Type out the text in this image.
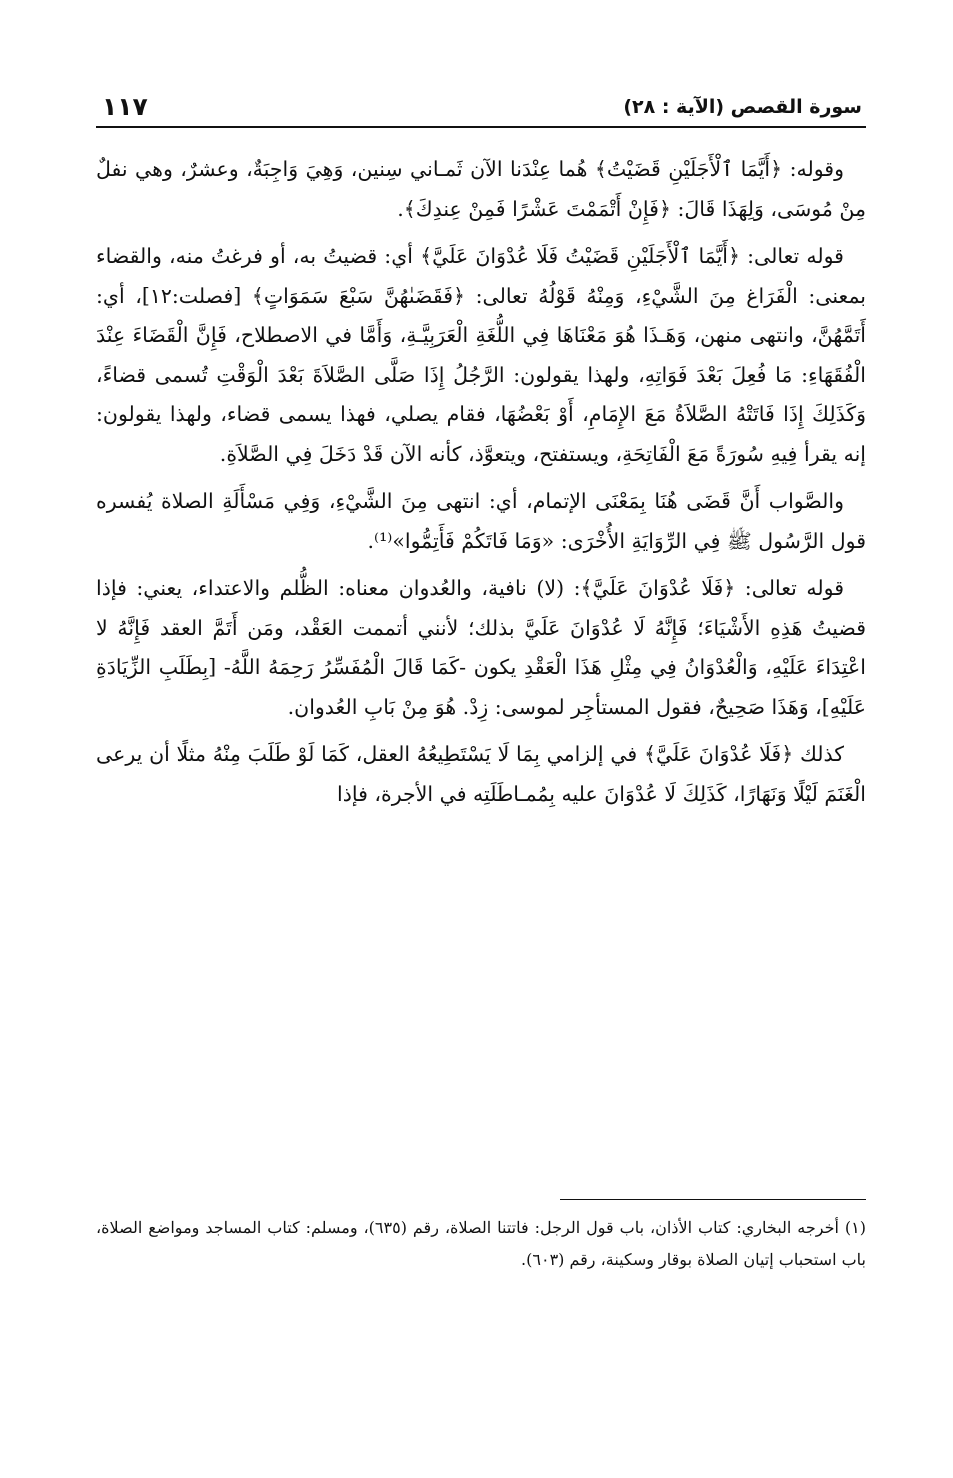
١١٧	سورة القصص (الآية : ٢٨)

وقوله: ﴿أَيَّمَا ٱلْأَجَلَيْنِ قَضَيْتُ﴾ هُما عِنْدَنا الآن ثَمـاني سِنين، وَهِيَ وَاجِبَةٌ، وعشرٌ، وهي نفلٌ مِنْ مُوسَى، وَلِهَذَا قَالَ: ﴿فَإِنْ أَتْمَمْتَ عَشْرًا فَمِنْ عِندِكَ﴾.

قوله تعالى: ﴿أَيَّمَا ٱلْأَجَلَيْنِ قَضَيْتُ فَلَا عُدْوَانَ عَلَيَّ﴾ أي: قضيتُ به، أو فرغتُ منه، والقضاء بمعنى: الْفَرَاغ مِنَ الشَّيْءِ، وَمِنْهُ قَوْلُهُ تعالى: ﴿فَقَضَىٰهُنَّ سَبْعَ سَمَوَاتٍ﴾ [فصلت:١٢]، أي: أَتَمَّهُنَّ، وانتهى منهن، وَهَـذَا هُوَ مَعْنَاهَا فِي اللُّغَةِ الْعَرَبِيَّـةِ، وَأَمَّا في الاصطلاح، فَإِنَّ الْقَضَاءَ عِنْدَ الْفُقَهَاءِ: مَا فُعِلَ بَعْدَ فَوَاتِهِ، ولهذا يقولون: الرَّجُلُ إِذَا صَلَّى الصَّلاَةَ بَعْدَ الْوَقْتِ تُسمى قضاءً، وَكَذَلِكَ إِذَا فَاتَتْهُ الصَّلاَةُ مَعَ الإِمَامِ، أَوْ بَعْضُهَا، فقام يصلي، فهذا يسمى قضاء، ولهذا يقولون: إنه يقرأ فِيهِ سُورَةً مَعَ الْفَاتِحَةِ، ويستفتح، ويتعوَّذ، كأنه الآن قَدْ دَخَلَ فِي الصَّلاَةِ.

والصَّواب أَنَّ قَضَى هُنَا بِمَعْنَى الإتمام، أي: انتهى مِنَ الشَّيْءِ، وَفِي مَسْأَلَةِ الصلاة يُفسره قول الرَّسُول ﷺ فِي الرِّوَايَةِ الأُخْرَى: «وَمَا فَاتَكُمْ فَأَتِمُّوا»⁽¹⁾.

قوله تعالى: ﴿فَلَا عُدْوَانَ عَلَيَّ﴾: (لا) نافية، والعُدوان معناه: الظُّلم والاعتداء، يعني: فإذا قضيتُ هَذِهِ الأَشْيَاءَ؛ فَإِنَّهُ لَا عُدْوَانَ عَلَيَّ بذلك؛ لأنني أتممت العَقْد، ومَن أَتَمَّ العقد فَإِنَّهُ لا اعْتِدَاءَ عَلَيْهِ، وَالْعُدْوَانُ فِي مِثْلِ هَذَا الْعَقْدِ يكون -كَمَا قَالَ الْمُفَسِّرُ رَحِمَهُ اللَّهُ- [بِطَلَبِ الزِّيَادَةِ عَلَيْهِ]، وَهَذَا صَحِيحٌ، فقول المستأجِر لموسى: زِدْ. هُوَ مِنْ بَابِ العُدوان.

كذلك ﴿فَلَا عُدْوَانَ عَلَيَّ﴾ في إلزامي بِمَا لَا يَسْتَطِيعُهُ العقل، كَمَا لَوْ طَلَبَ مِنْهُ مثلًا أن يرعى الْغَنَمَ لَيْلًا وَنَهَارًا، كَذَلِكَ لَا عُدْوَانَ عليه بِمُمـاطَلَتِه في الأجرة، فإذا

(١) أخرجه البخاري: كتاب الأذان، باب قول الرجل: فاتتنا الصلاة، رقم (٦٣٥)، ومسلم: كتاب المساجد ومواضع الصلاة، باب استحباب إتيان الصلاة بوقار وسكينة، رقم (٦٠٣).
